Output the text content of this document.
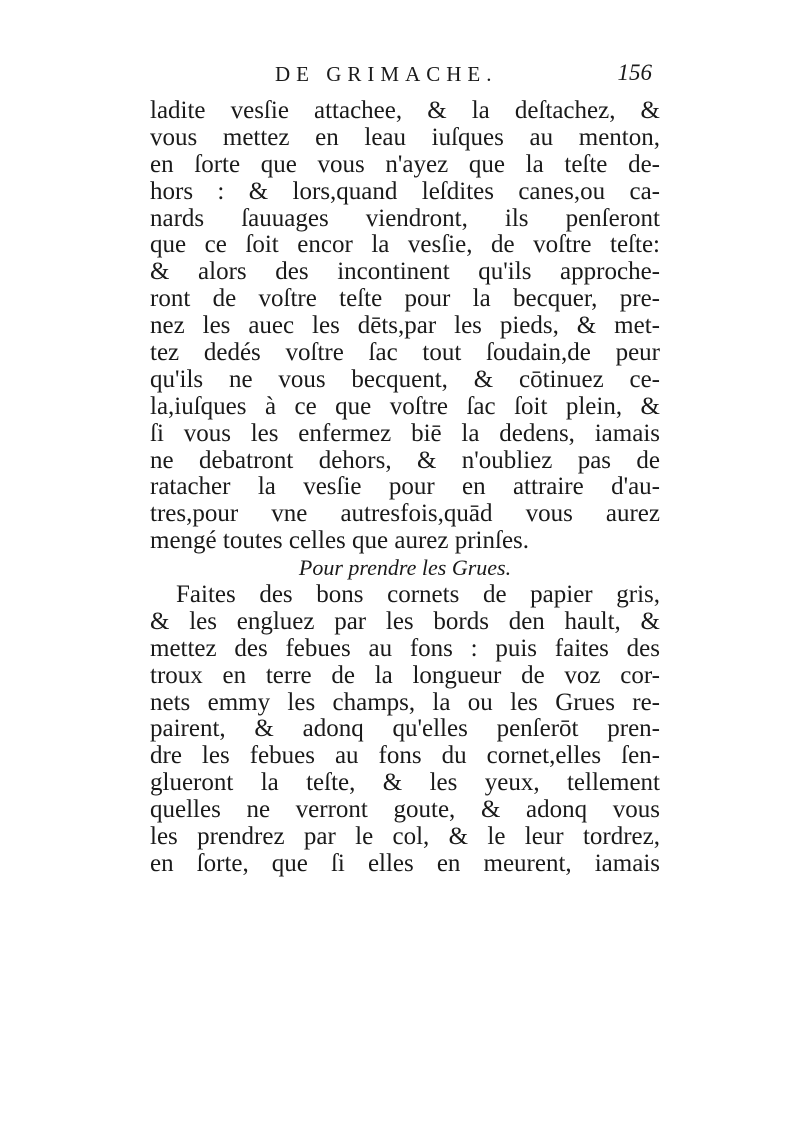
DE GRIMACHE.	156
ladite vesſie attachee, & la deſtachez, &
vous mettez en leau iuſques au menton,
en ſorte que vous n'ayez que la teſte de-
hors : & lors,quand leſdites canes,ou ca-
nards ſauuages viendront, ils penſeront
que ce ſoit encor la vesſie, de voſtre teſte:
& alors des incontinent qu'ils approche-
ront de voſtre teſte pour la becquer, pre-
nez les auec les dēts,par les pieds, & met-
tez dedés voſtre ſac tout ſoudain,de peur
qu'ils ne vous becquent, & cōtinuez ce-
la,iuſques à ce que voſtre ſac ſoit plein, &
ſi vous les enfermez biē la dedens, iamais
ne debatront dehors, & n'oubliez pas de
ratacher la vesſie pour en attraire d'au-
tres,pour vne autresfois,quād vous aurez
mengé toutes celles que aurez prinſes.
Pour prendre les Grues.
Faites des bons cornets de papier gris,
& les engluez par les bords den hault, &
mettez des febues au fons : puis faites des
troux en terre de la longueur de voz cor-
nets emmy les champs, la ou les Grues re-
pairent, & adonq qu'elles penſerōt pren-
dre les febues au fons du cornet,elles ſen-
glueront la teſte, & les yeux, tellement
quelles ne verront goute, & adonq vous
les prendrez par le col, & le leur tordrez,
en ſorte, que ſi elles en meurent, iamais
